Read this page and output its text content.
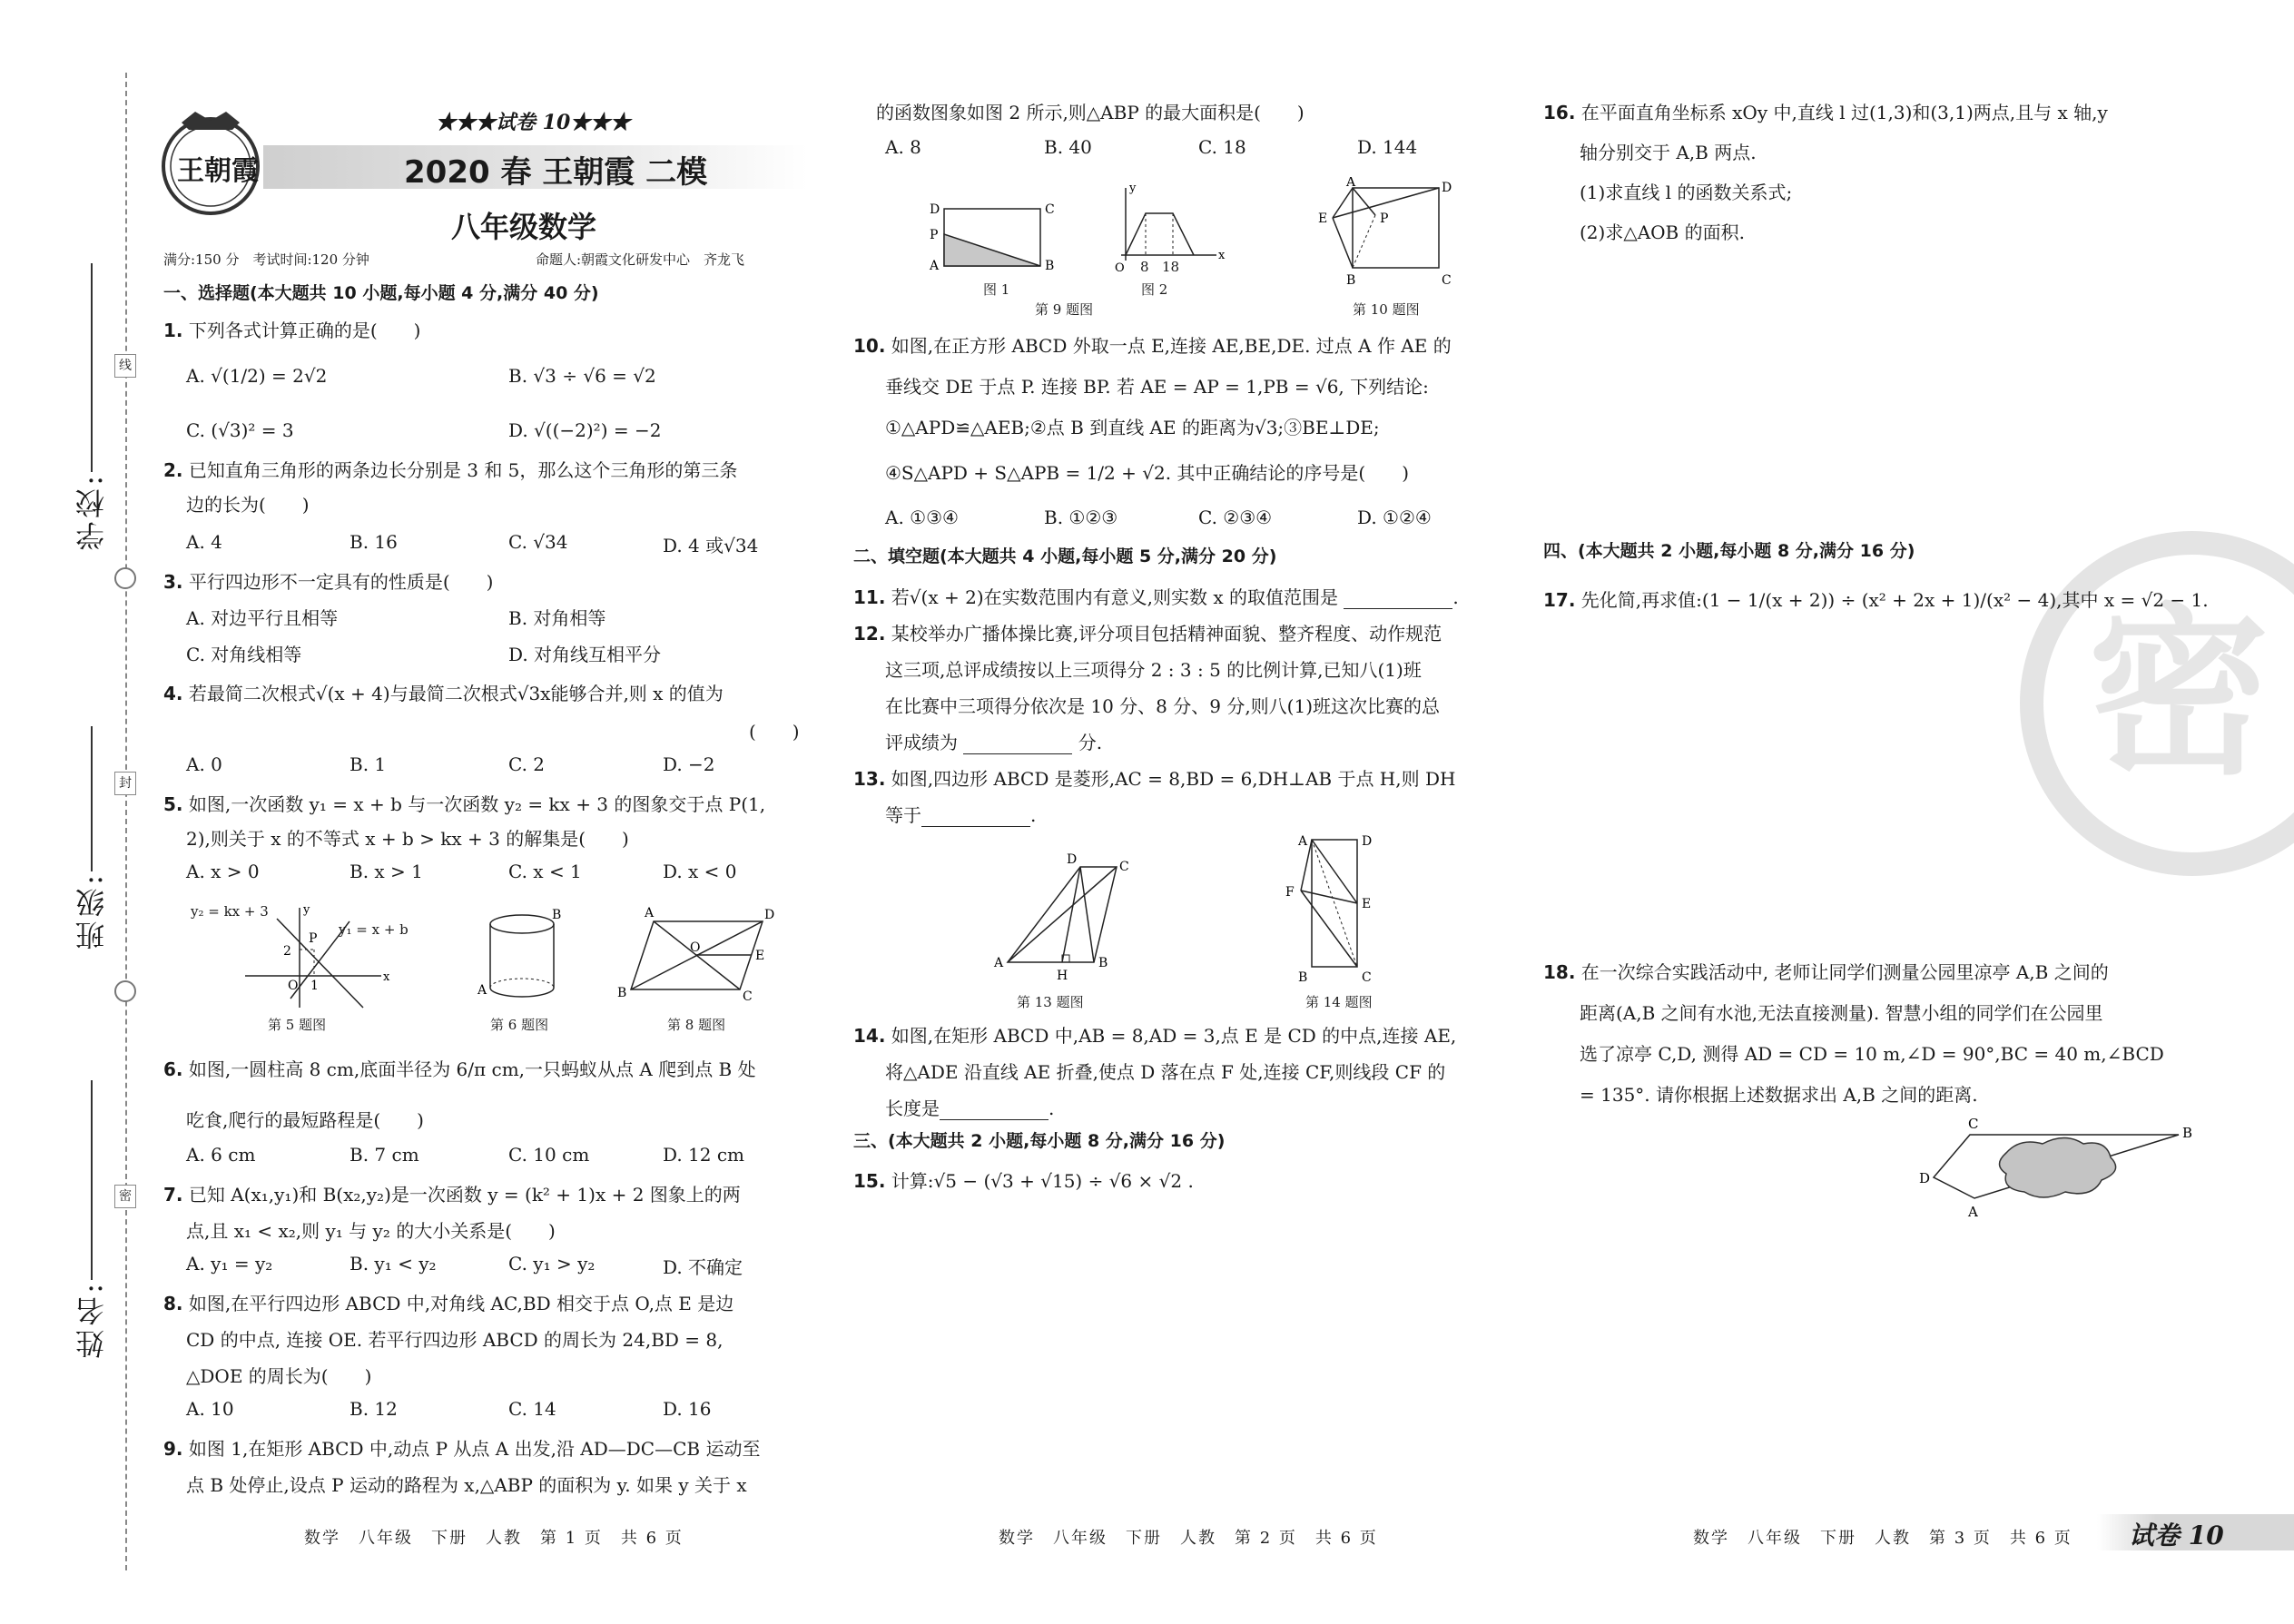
线
封
密
学校:
班级:
姓名:
王朝霞
★★★试卷 10★★★
2020 春 王朝霞 二模
八年级数学
满分:150 分　考试时间:120 分钟	命题人:朝霞文化研发中心　齐龙飞
一、选择题(本大题共 10 小题,每小题 4 分,满分 40 分)
1. 下列各式计算正确的是(　　)
A. √(1/2) = 2√2	B. √3 ÷ √6 = √2
C. (√3)² = 3	D. √((−2)²) = −2
2. 已知直角三角形的两条边长分别是 3 和 5，那么这个三角形的第三条
边的长为(　　)
A. 4	B. 16	C. √34	D. 4 或√34
3. 平行四边形不一定具有的性质是(　　)
A. 对边平行且相等	B. 对角相等
C. 对角线相等	D. 对角线互相平分
4. 若最简二次根式√(x + 4)与最简二次根式√3x能够合并,则 x 的值为
(　　)
A. 0	B. 1	C. 2	D. −2
5. 如图,一次函数 y₁ = x + b 与一次函数 y₂ = kx + 3 的图象交于点 P(1,
2),则关于 x 的不等式 x + b > kx + 3 的解集是(　　)
A. x > 0	B. x > 1	C. x < 1	D. x < 0
P
2
O 1
x
y
A
B	A	D
B	C
O
E
y₂ = kx + 3
y₁ = x + b
第 5 题图	第 6 题图	第 8 题图
6. 如图,一圆柱高 8 cm,底面半径为 6/π cm,一只蚂蚁从点 A 爬到点 B 处
吃食,爬行的最短路程是(　　)
A. 6 cm	B. 7 cm	C. 10 cm	D. 12 cm
7. 已知 A(x₁,y₁)和 B(x₂,y₂)是一次函数 y = (k² + 1)x + 2 图象上的两
点,且 x₁ < x₂,则 y₁ 与 y₂ 的大小关系是(　　)
A. y₁ = y₂	B. y₁ < y₂	C. y₁ > y₂	D. 不确定
8. 如图,在平行四边形 ABCD 中,对角线 AC,BD 相交于点 O,点 E 是边
CD 的中点, 连接 OE. 若平行四边形 ABCD 的周长为 24,BD = 8,
△DOE 的周长为(　　)
A. 10	B. 12	C. 14	D. 16
9. 如图 1,在矩形 ABCD 中,动点 P 从点 A 出发,沿 AD—DC—CB 运动至
点 B 处停止,设点 P 运动的路程为 x,△ABP 的面积为 y. 如果 y 关于 x
数学　八年级　下册　人教　第 1 页　共 6 页
的函数图象如图 2 所示,则△ABP 的最大面积是(　　)
A. 8	B. 40	C. 18	D. 144
D	C
P
A	B
y
x
O
A	D
E	P
B	C
8 18
图 1	图 2
第 9 题图	第 10 题图
10. 如图,在正方形 ABCD 外取一点 E,连接 AE,BE,DE. 过点 A 作 AE 的
垂线交 DE 于点 P. 连接 BP. 若 AE = AP = 1,PB = √6, 下列结论:
①△APD≌△AEB;②点 B 到直线 AE 的距离为√3;③BE⊥DE;
④S△APD + S△APB = 1/2 + √2. 其中正确结论的序号是(　　)
A. ①③④	B. ①②③	C. ②③④	D. ①②④
二、填空题(本大题共 4 小题,每小题 5 分,满分 20 分)
11. 若√(x + 2)在实数范围内有意义,则实数 x 的取值范围是	.
12. 某校举办广播体操比赛,评分项目包括精神面貌、整齐程度、动作规范
这三项,总评成绩按以上三项得分 2 : 3 : 5 的比例计算,已知八(1)班
在比赛中三项得分依次是 10 分、8 分、9 分,则八(1)班这次比赛的总
评成绩为	分.
13. 如图,四边形 ABCD 是菱形,AC = 8,BD = 6,DH⊥AB 于点 H,则 DH
等于	.
D	C
A
H
B
A	D
F
E
B	C
第 13 题图	第 14 题图
14. 如图,在矩形 ABCD 中,AB = 8,AD = 3,点 E 是 CD 的中点,连接 AE,
将△ADE 沿直线 AE 折叠,使点 D 落在点 F 处,连接 CF,则线段 CF 的
长度是	.
三、(本大题共 2 小题,每小题 8 分,满分 16 分)
15. 计算:√5 − (√3 + √15) ÷ √6 × √2 .
数学　八年级　下册　人教　第 2 页　共 6 页
密
16. 在平面直角坐标系 xOy 中,直线 l 过(1,3)和(3,1)两点,且与 x 轴,y
轴分别交于 A,B 两点.
(1)求直线 l 的函数关系式;
(2)求△AOB 的面积.
四、(本大题共 2 小题,每小题 8 分,满分 16 分)
17. 先化简,再求值:(1 − 1/(x + 2)) ÷ (x² + 2x + 1)/(x² − 4),其中 x = √2 − 1.
18. 在一次综合实践活动中, 老师让同学们测量公园里凉亭 A,B 之间的
距离(A,B 之间有水池,无法直接测量). 智慧小组的同学们在公园里
选了凉亭 C,D, 测得 AD = CD = 10 m,∠D = 90°,BC = 40 m,∠BCD
= 135°. 请你根据上述数据求出 A,B 之间的距离.
C
B
D
A
数学　八年级　下册　人教　第 3 页　共 6 页 试卷 10
